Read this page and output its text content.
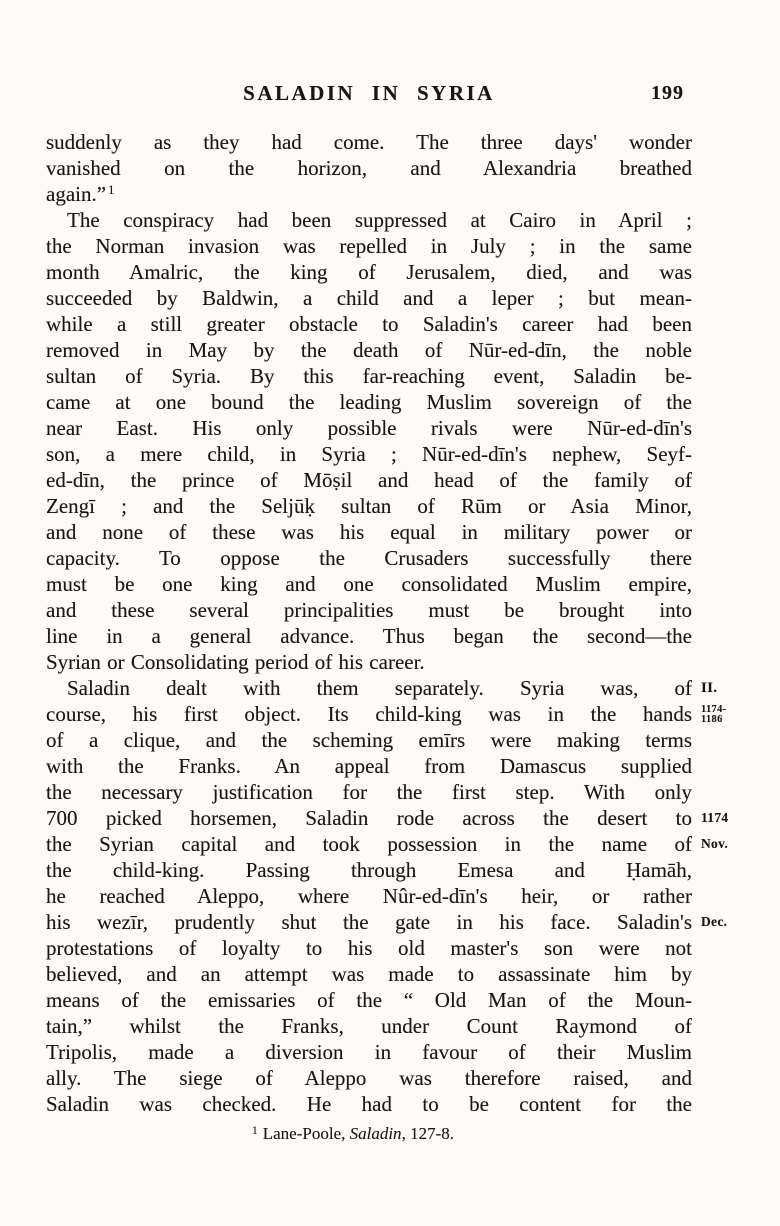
SALADIN IN SYRIA	199
suddenly as they had come. The three days' wonder
vanished on the horizon, and Alexandria breathed
again.” $^1$
The conspiracy had been suppressed at Cairo in April ;
the Norman invasion was repelled in July ; in the same
month Amalric, the king of Jerusalem, died, and was
succeeded by Baldwin, a child and a leper ; but mean-
while a still greater obstacle to Saladin's career had been
removed in May by the death of Nūr-ed-dīn, the noble
sultan of Syria. By this far-reaching event, Saladin be-
came at one bound the leading Muslim sovereign of the
near East. His only possible rivals were Nūr-ed-dīn's
son, a mere child, in Syria ; Nūr-ed-dīn's nephew, Seyf-
ed-dīn, the prince of Mōṣil and head of the family of
Zengī ; and the Seljūḳ sultan of Rūm or Asia Minor,
and none of these was his equal in military power or
capacity. To oppose the Crusaders successfully there
must be one king and one consolidated Muslim empire,
and these several principalities must be brought into
line in a general advance. Thus began the second—the
Syrian or Consolidating period of his career.
Saladin dealt with them separately. Syria was, of II.
course, his first object. Its child-king was in the hands 1174-
1186
of a clique, and the scheming emīrs were making terms
with the Franks. An appeal from Damascus supplied
the necessary justification for the first step. With only
700 picked horsemen, Saladin rode across the desert to 1174
the Syrian capital and took possession in the name of Nov.
the child-king. Passing through Emesa and Ḥamāh,
he reached Aleppo, where Nûr-ed-dīn's heir, or rather
his wezīr, prudently shut the gate in his face. Saladin's Dec.
protestations of loyalty to his old master's son were not
believed, and an attempt was made to assassinate him by
means of the emissaries of the “ Old Man of the Moun-
tain,” whilst the Franks, under Count Raymond of
Tripolis, made a diversion in favour of their Muslim
ally. The siege of Aleppo was therefore raised, and
Saladin was checked. He had to be content for the
$^1$ Lane-Poole, Saladin, 127-8.
